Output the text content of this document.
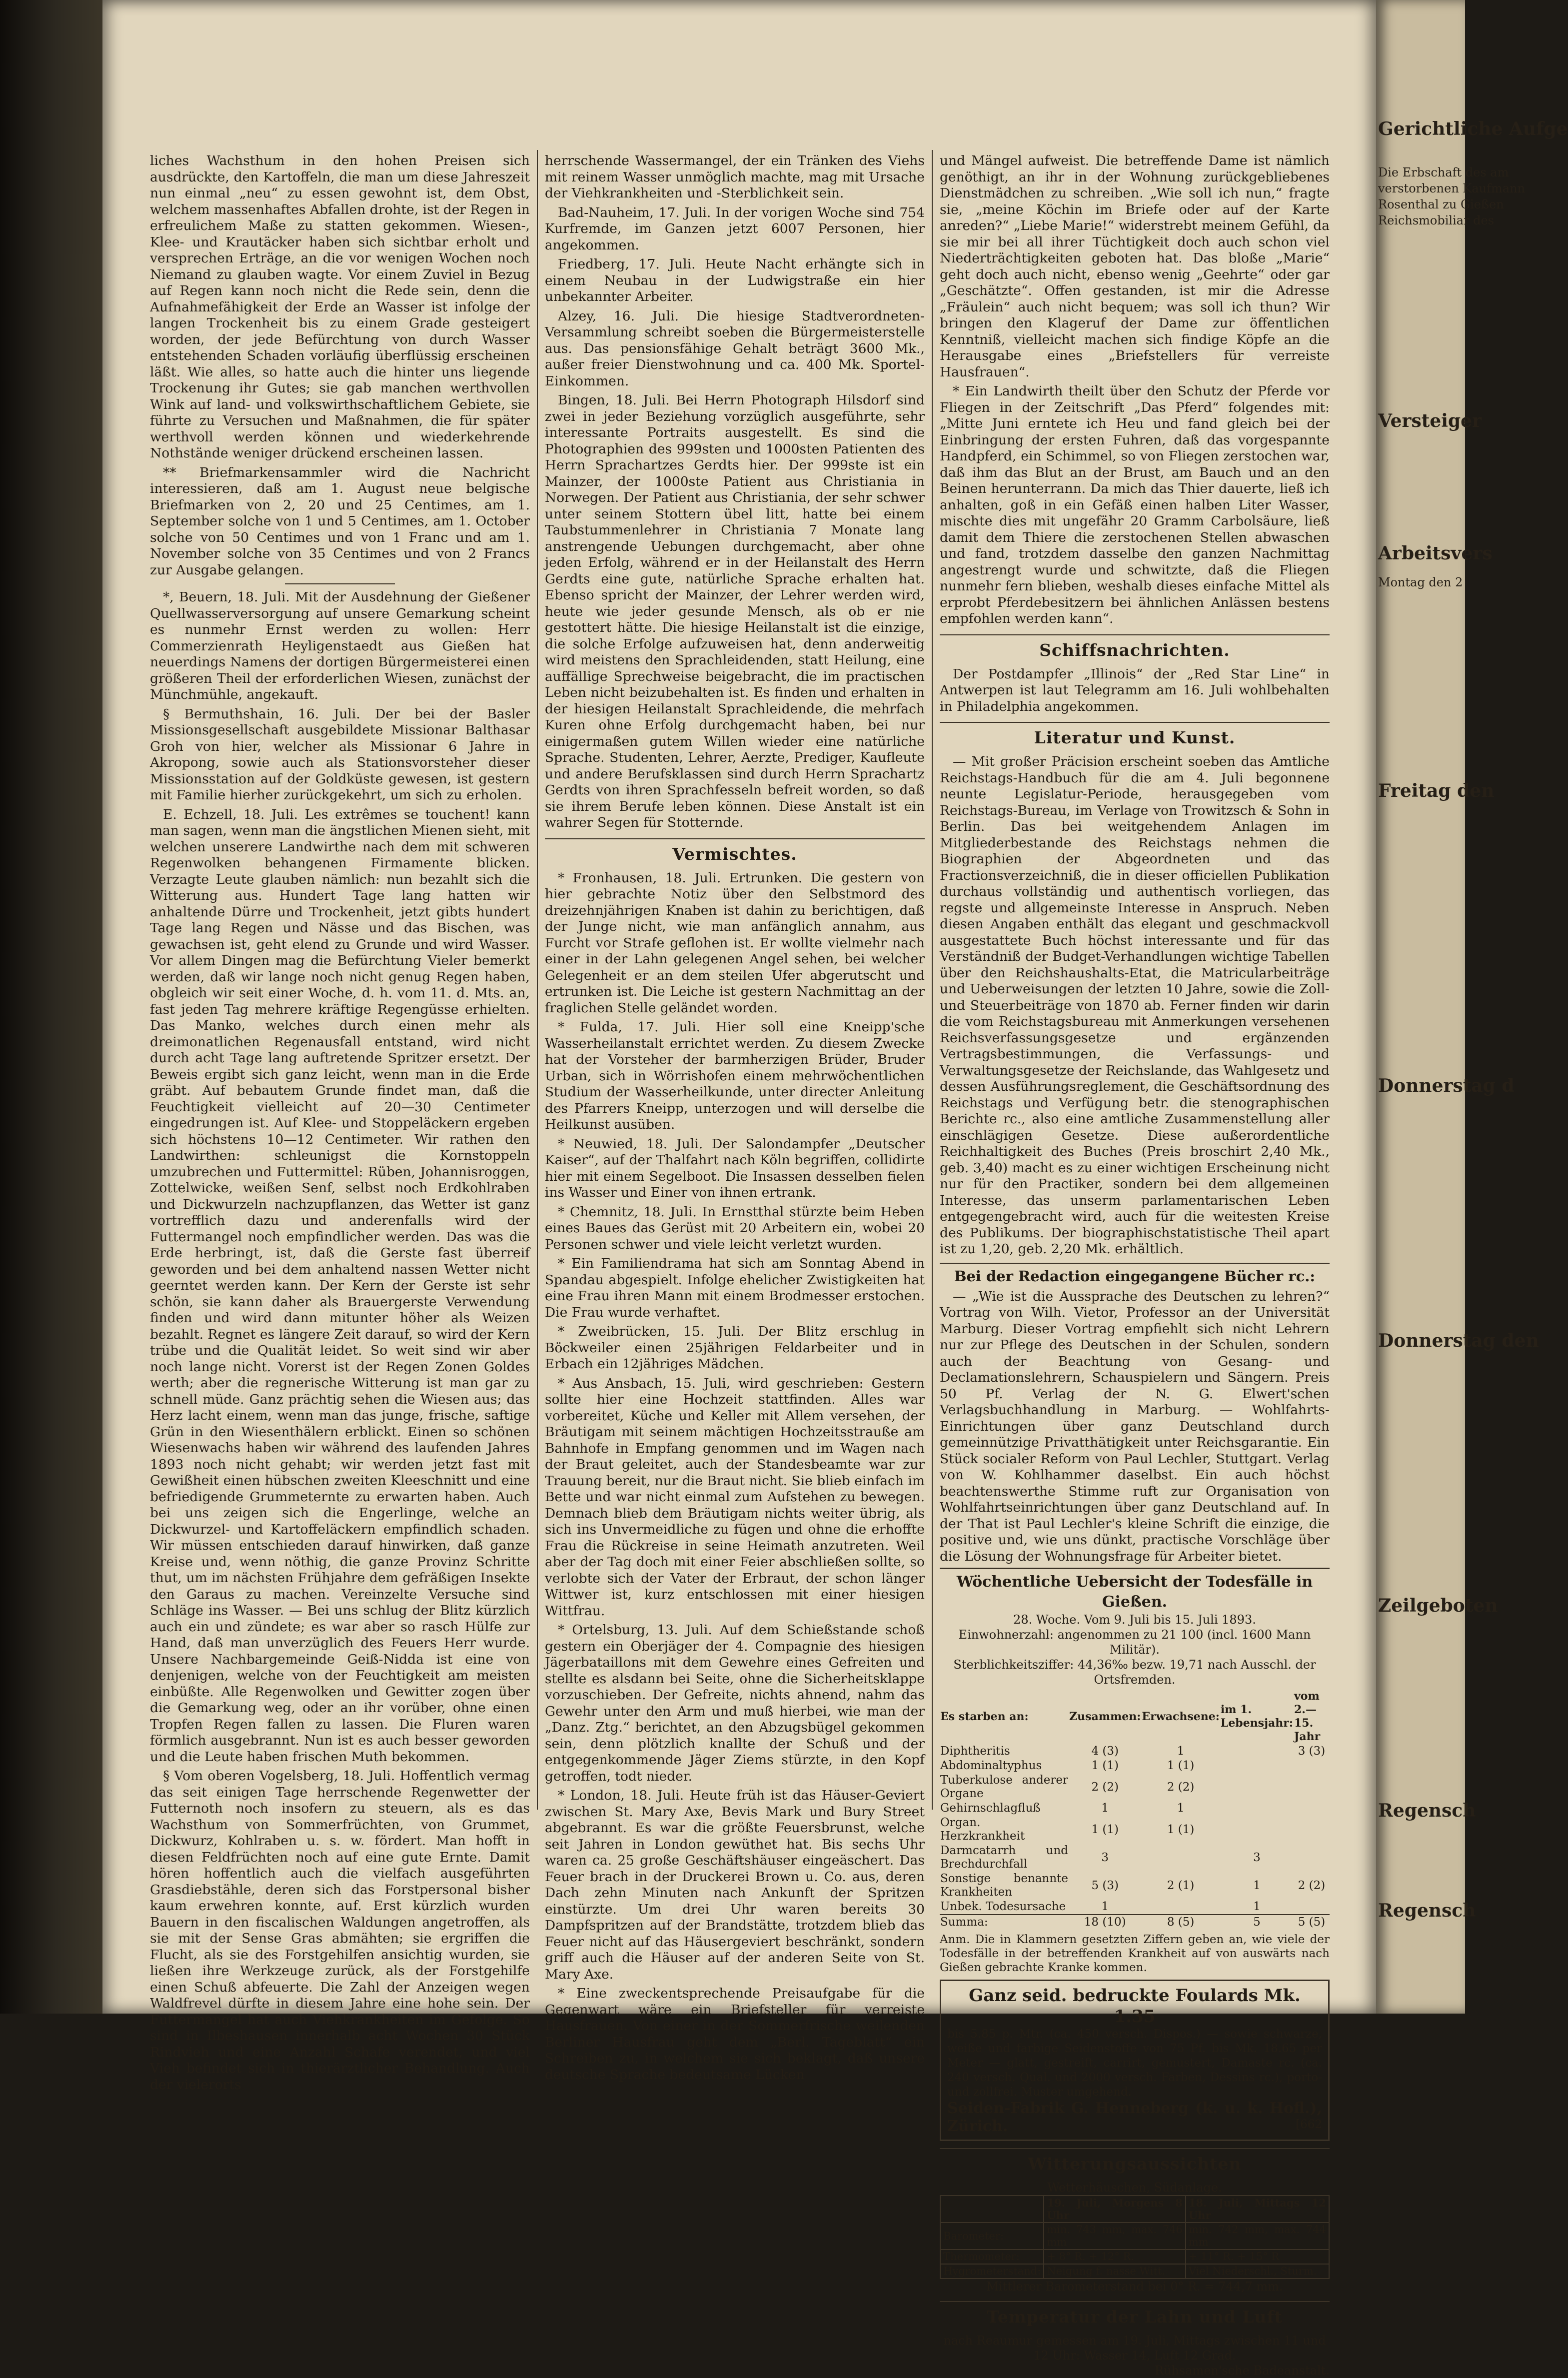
liches Wachsthum in den hohen Preisen sich ausdrückte, den Kartoffeln, die man um diese Jahreszeit nun einmal „neu“ zu essen gewohnt ist, dem Obst, welchem massenhaftes Abfallen drohte, ist der Regen in erfreulichem Maße zu statten gekommen. Wiesen-, Klee- und Krautäcker haben sich sichtbar erholt und versprechen Erträge, an die vor wenigen Wochen noch Niemand zu glauben wagte. Vor einem Zuviel in Bezug auf Regen kann noch nicht die Rede sein, denn die Aufnahmefähigkeit der Erde an Wasser ist infolge der langen Trockenheit bis zu einem Grade gesteigert worden, der jede Befürchtung von durch Wasser entstehenden Schaden vorläufig überflüssig erscheinen läßt. Wie alles, so hatte auch die hinter uns liegende Trockenung ihr Gutes; sie gab manchen werthvollen Wink auf land- und volkswirthschaftlichem Gebiete, sie führte zu Versuchen und Maßnahmen, die für später werthvoll werden können und wiederkehrende Nothstände weniger drückend erscheinen lassen.

** Briefmarkensammler wird die Nachricht interessieren, daß am 1. August neue belgische Briefmarken von 2, 20 und 25 Centimes, am 1. September solche von 1 und 5 Centimes, am 1. October solche von 50 Centimes und von 1 Franc und am 1. November solche von 35 Centimes und von 2 Francs zur Ausgabe gelangen.

*, Beuern, 18. Juli. Mit der Ausdehnung der Gießener Quellwasserversorgung auf unsere Gemarkung scheint es nunmehr Ernst werden zu wollen: Herr Commerzienrath Heyligenstaedt aus Gießen hat neuerdings Namens der dortigen Bürgermeisterei einen größeren Theil der erforderlichen Wiesen, zunächst der Münchmühle, angekauft.

§ Bermuthshain, 16. Juli. Der bei der Basler Missionsgesellschaft ausgebildete Missionar Balthasar Groh von hier, welcher als Missionar 6 Jahre in Akropong, sowie auch als Stationsvorsteher dieser Missionsstation auf der Goldküste gewesen, ist gestern mit Familie hierher zurückgekehrt, um sich zu erholen.

E. Echzell, 18. Juli. Les extrêmes se touchent! kann man sagen, wenn man die ängstlichen Mienen sieht, mit welchen unserere Landwirthe nach dem mit schweren Regenwolken behangenen Firmamente blicken. Verzagte Leute glauben nämlich: nun bezahlt sich die Witterung aus. Hundert Tage lang hatten wir anhaltende Dürre und Trockenheit, jetzt gibts hundert Tage lang Regen und Nässe und das Bischen, was gewachsen ist, geht elend zu Grunde und wird Wasser. Vor allem Dingen mag die Befürchtung Vieler bemerkt werden, daß wir lange noch nicht genug Regen haben, obgleich wir seit einer Woche, d. h. vom 11. d. Mts. an, fast jeden Tag mehrere kräftige Regengüsse erhielten. Das Manko, welches durch einen mehr als dreimonatlichen Regenausfall entstand, wird nicht durch acht Tage lang auftretende Spritzer ersetzt. Der Beweis ergibt sich ganz leicht, wenn man in die Erde gräbt. Auf bebautem Grunde findet man, daß die Feuchtigkeit vielleicht auf 20—30 Centimeter eingedrungen ist. Auf Klee- und Stoppeläckern ergeben sich höchstens 10—12 Centimeter. Wir rathen den Landwirthen: schleunigst die Kornstoppeln umzubrechen und Futtermittel: Rüben, Johannisroggen, Zottelwicke, weißen Senf, selbst noch Erdkohlraben und Dickwurzeln nachzupflanzen, das Wetter ist ganz vortrefflich dazu und anderenfalls wird der Futtermangel noch empfindlicher werden. Das was die Erde herbringt, ist, daß die Gerste fast überreif geworden und bei dem anhaltend nassen Wetter nicht geerntet werden kann. Der Kern der Gerste ist sehr schön, sie kann daher als Brauergerste Verwendung finden und wird dann mitunter höher als Weizen bezahlt. Regnet es längere Zeit darauf, so wird der Kern trübe und die Qualität leidet. So weit sind wir aber noch lange nicht. Vorerst ist der Regen Zonen Goldes werth; aber die regnerische Witterung ist man gar zu schnell müde. Ganz prächtig sehen die Wiesen aus; das Herz lacht einem, wenn man das junge, frische, saftige Grün in den Wiesenthälern erblickt. Einen so schönen Wiesenwachs haben wir während des laufenden Jahres 1893 noch nicht gehabt; wir werden jetzt fast mit Gewißheit einen hübschen zweiten Kleeschnitt und eine befriedigende Grummeternte zu erwarten haben. Auch bei uns zeigen sich die Engerlinge, welche an Dickwurzel- und Kartoffeläckern empfindlich schaden. Wir müssen entschieden darauf hinwirken, daß ganze Kreise und, wenn nöthig, die ganze Provinz Schritte thut, um im nächsten Frühjahre dem gefräßigen Insekte den Garaus zu machen. Vereinzelte Versuche sind Schläge ins Wasser. — Bei uns schlug der Blitz kürzlich auch ein und zündete; es war aber so rasch Hülfe zur Hand, daß man unverzüglich des Feuers Herr wurde. Unsere Nachbargemeinde Geiß-Nidda ist eine von denjenigen, welche von der Feuchtigkeit am meisten einbüßte. Alle Regenwolken und Gewitter zogen über die Gemarkung weg, oder an ihr vorüber, ohne einen Tropfen Regen fallen zu lassen. Die Fluren waren förmlich ausgebrannt. Nun ist es auch besser geworden und die Leute haben frischen Muth bekommen.

§ Vom oberen Vogelsberg, 18. Juli. Hoffentlich vermag das seit einigen Tage herrschende Regenwetter der Futternoth noch insofern zu steuern, als es das Wachsthum von Sommerfrüchten, von Grummet, Dickwurz, Kohlraben u. s. w. fördert. Man hofft in diesen Feldfrüchten noch auf eine gute Ernte. Damit hören hoffentlich auch die vielfach ausgeführten Grasdiebstähle, deren sich das Forstpersonal bisher kaum erwehren konnte, auf. Erst kürzlich wurden Bauern in den fiscalischen Waldungen angetroffen, als sie mit der Sense Gras abmähten; sie ergriffen die Flucht, als sie des Forstgehilfen ansichtig wurden, sie ließen ihre Werkzeuge zurück, als der Forstgehilfe einen Schuß abfeuerte. Die Zahl der Anzeigen wegen Waldfrevel dürfte in diesem Jahre eine hohe sein. Der Futtermangel hat auch Viehkrankheiten im Gefolge. So sind in Ilbeshausen innerhalb acht Wochen 30 Stück Rindvieh und eine Anzahl Schafe verendet, und viel Vieh befindet sich in thierärztlicher Behandlung. Auch der vielerorts

herrschende Wassermangel, der ein Tränken des Viehs mit reinem Wasser unmöglich machte, mag mit Ursache der Viehkrankheiten und -Sterblichkeit sein.

Bad-Nauheim, 17. Juli. In der vorigen Woche sind 754 Kurfremde, im Ganzen jetzt 6007 Personen, hier angekommen.

Friedberg, 17. Juli. Heute Nacht erhängte sich in einem Neubau in der Ludwigstraße ein hier unbekannter Arbeiter.

Alzey, 16. Juli. Die hiesige Stadtverordneten-Versammlung schreibt soeben die Bürgermeisterstelle aus. Das pensionsfähige Gehalt beträgt 3600 Mk., außer freier Dienstwohnung und ca. 400 Mk. Sportel-Einkommen.

Bingen, 18. Juli. Bei Herrn Photograph Hilsdorf sind zwei in jeder Beziehung vorzüglich ausgeführte, sehr interessante Portraits ausgestellt. Es sind die Photographien des 999sten und 1000sten Patienten des Herrn Sprachartzes Gerdts hier. Der 999ste ist ein Mainzer, der 1000ste Patient aus Christiania in Norwegen. Der Patient aus Christiania, der sehr schwer unter seinem Stottern übel litt, hatte bei einem Taubstummenlehrer in Christiania 7 Monate lang anstrengende Uebungen durchgemacht, aber ohne jeden Erfolg, während er in der Heilanstalt des Herrn Gerdts eine gute, natürliche Sprache erhalten hat. Ebenso spricht der Mainzer, der Lehrer werden wird, heute wie jeder gesunde Mensch, als ob er nie gestottert hätte. Die hiesige Heilanstalt ist die einzige, die solche Erfolge aufzuweisen hat, denn anderweitig wird meistens den Sprachleidenden, statt Heilung, eine auffällige Sprechweise beigebracht, die im practischen Leben nicht beizubehalten ist. Es finden und erhalten in der hiesigen Heilanstalt Sprachleidende, die mehrfach Kuren ohne Erfolg durchgemacht haben, bei nur einigermaßen gutem Willen wieder eine natürliche Sprache. Studenten, Lehrer, Aerzte, Prediger, Kaufleute und andere Berufsklassen sind durch Herrn Sprachartz Gerdts von ihren Sprachfesseln befreit worden, so daß sie ihrem Berufe leben können. Diese Anstalt ist ein wahrer Segen für Stotternde.

Vermischtes.

* Fronhausen, 18. Juli. Ertrunken. Die gestern von hier gebrachte Notiz über den Selbstmord des dreizehnjährigen Knaben ist dahin zu berichtigen, daß der Junge nicht, wie man anfänglich annahm, aus Furcht vor Strafe geflohen ist. Er wollte vielmehr nach einer in der Lahn gelegenen Angel sehen, bei welcher Gelegenheit er an dem steilen Ufer abgerutscht und ertrunken ist. Die Leiche ist gestern Nachmittag an der fraglichen Stelle geländet worden.

* Fulda, 17. Juli. Hier soll eine Kneipp'sche Wasserheilanstalt errichtet werden. Zu diesem Zwecke hat der Vorsteher der barmherzigen Brüder, Bruder Urban, sich in Wörrishofen einem mehrwöchentlichen Studium der Wasserheilkunde, unter directer Anleitung des Pfarrers Kneipp, unterzogen und will derselbe die Heilkunst ausüben.

* Neuwied, 18. Juli. Der Salondampfer „Deutscher Kaiser“, auf der Thalfahrt nach Köln begriffen, collidirte hier mit einem Segelboot. Die Insassen desselben fielen ins Wasser und Einer von ihnen ertrank.

* Chemnitz, 18. Juli. In Ernstthal stürzte beim Heben eines Baues das Gerüst mit 20 Arbeitern ein, wobei 20 Personen schwer und viele leicht verletzt wurden.

* Ein Familiendrama hat sich am Sonntag Abend in Spandau abgespielt. Infolge ehelicher Zwistigkeiten hat eine Frau ihren Mann mit einem Brodmesser erstochen. Die Frau wurde verhaftet.

* Zweibrücken, 15. Juli. Der Blitz erschlug in Böckweiler einen 25jährigen Feldarbeiter und in Erbach ein 12jähriges Mädchen.

* Aus Ansbach, 15. Juli, wird geschrieben: Gestern sollte hier eine Hochzeit stattfinden. Alles war vorbereitet, Küche und Keller mit Allem versehen, der Bräutigam mit seinem mächtigen Hochzeitsstrauße am Bahnhofe in Empfang genommen und im Wagen nach der Braut geleitet, auch der Standesbeamte war zur Trauung bereit, nur die Braut nicht. Sie blieb einfach im Bette und war nicht einmal zum Aufstehen zu bewegen. Demnach blieb dem Bräutigam nichts weiter übrig, als sich ins Unvermeidliche zu fügen und ohne die erhoffte Frau die Rückreise in seine Heimath anzutreten. Weil aber der Tag doch mit einer Feier abschließen sollte, so verlobte sich der Vater der Erbraut, der schon länger Wittwer ist, kurz entschlossen mit einer hiesigen Wittfrau.

* Ortelsburg, 13. Juli. Auf dem Schießstande schoß gestern ein Oberjäger der 4. Compagnie des hiesigen Jägerbataillons mit dem Gewehre eines Gefreiten und stellte es alsdann bei Seite, ohne die Sicherheitsklappe vorzuschieben. Der Gefreite, nichts ahnend, nahm das Gewehr unter den Arm und muß hierbei, wie man der „Danz. Ztg.“ berichtet, an den Abzugsbügel gekommen sein, denn plötzlich knallte der Schuß und der entgegenkommende Jäger Ziems stürzte, in den Kopf getroffen, todt nieder.

* London, 18. Juli. Heute früh ist das Häuser-Geviert zwischen St. Mary Axe, Bevis Mark und Bury Street abgebrannt. Es war die größte Feuersbrunst, welche seit Jahren in London gewüthet hat. Bis sechs Uhr waren ca. 25 große Geschäftshäuser eingeäschert. Das Feuer brach in der Druckerei Brown u. Co. aus, deren Dach zehn Minuten nach Ankunft der Spritzen einstürzte. Um drei Uhr waren bereits 30 Dampfspritzen auf der Brandstätte, trotzdem blieb das Feuer nicht auf das Häusergeviert beschränkt, sondern griff auch die Häuser auf der anderen Seite von St. Mary Axe.

* Eine zweckentsprechende Preisaufgabe für die Gegenwart wäre ein Briefsteller für verreiste Hausfrauen. Von einer in der Sommerfrische weilenden Berliner Hausfrau geht dem „Berl. Tageblatt“ ein Schreiben zu, in welchem sie sich beklagt, daß unsere deutsche Sprache bedeutsame Lücken

und Mängel aufweist. Die betreffende Dame ist nämlich genöthigt, an ihr in der Wohnung zurückgebliebenes Dienstmädchen zu schreiben. „Wie soll ich nun,“ fragte sie, „meine Köchin im Briefe oder auf der Karte anreden?“ „Liebe Marie!“ widerstrebt meinem Gefühl, da sie mir bei all ihrer Tüchtigkeit doch auch schon viel Niederträchtigkeiten geboten hat. Das bloße „Marie“ geht doch auch nicht, ebenso wenig „Geehrte“ oder gar „Geschätzte“. Offen gestanden, ist mir die Adresse „Fräulein“ auch nicht bequem; was soll ich thun? Wir bringen den Klageruf der Dame zur öffentlichen Kenntniß, vielleicht machen sich findige Köpfe an die Herausgabe eines „Briefstellers für verreiste Hausfrauen“.

* Ein Landwirth theilt über den Schutz der Pferde vor Fliegen in der Zeitschrift „Das Pferd“ folgendes mit: „Mitte Juni erntete ich Heu und fand gleich bei der Einbringung der ersten Fuhren, daß das vorgespannte Handpferd, ein Schimmel, so von Fliegen zerstochen war, daß ihm das Blut an der Brust, am Bauch und an den Beinen herunterrann. Da mich das Thier dauerte, ließ ich anhalten, goß in ein Gefäß einen halben Liter Wasser, mischte dies mit ungefähr 20 Gramm Carbolsäure, ließ damit dem Thiere die zerstochenen Stellen abwaschen und fand, trotzdem dasselbe den ganzen Nachmittag angestrengt wurde und schwitzte, daß die Fliegen nunmehr fern blieben, weshalb dieses einfache Mittel als erprobt Pferdebesitzern bei ähnlichen Anlässen bestens empfohlen werden kann“.

Schiffsnachrichten.

Der Postdampfer „Illinois“ der „Red Star Line“ in Antwerpen ist laut Telegramm am 16. Juli wohlbehalten in Philadelphia angekommen.

Literatur und Kunst.

— Mit großer Präcision erscheint soeben das Amtliche Reichstags-Handbuch für die am 4. Juli begonnene neunte Legislatur-Periode, herausgegeben vom Reichstags-Bureau, im Verlage von Trowitzsch & Sohn in Berlin. Das bei weitgehendem Anlagen im Mitgliederbestande des Reichstags nehmen die Biographien der Abgeordneten und das Fractionsverzeichniß, die in dieser officiellen Publikation durchaus vollständig und authentisch vorliegen, das regste und allgemeinste Interesse in Anspruch. Neben diesen Angaben enthält das elegant und geschmackvoll ausgestattete Buch höchst interessante und für das Verständniß der Budget-Verhandlungen wichtige Tabellen über den Reichshaushalts-Etat, die Matricularbeiträge und Ueberweisungen der letzten 10 Jahre, sowie die Zoll- und Steuerbeiträge von 1870 ab. Ferner finden wir darin die vom Reichstagsbureau mit Anmerkungen versehenen Reichsverfassungsgesetze und ergänzenden Vertragsbestimmungen, die Verfassungs- und Verwaltungsgesetze der Reichslande, das Wahlgesetz und dessen Ausführungsreglement, die Geschäftsordnung des Reichstags und Verfügung betr. die stenographischen Berichte rc., also eine amtliche Zusammenstellung aller einschlägigen Gesetze. Diese außerordentliche Reichhaltigkeit des Buches (Preis broschirt 2,40 Mk., geb. 3,40) macht es zu einer wichtigen Erscheinung nicht nur für den Practiker, sondern bei dem allgemeinen Interesse, das unserm parlamentarischen Leben entgegengebracht wird, auch für die weitesten Kreise des Publikums. Der biographischstatistische Theil apart ist zu 1,20, geb. 2,20 Mk. erhältlich.

Bei der Redaction eingegangene Bücher rc.:

— „Wie ist die Aussprache des Deutschen zu lehren?“ Vortrag von Wilh. Vietor, Professor an der Universität Marburg. Dieser Vortrag empfiehlt sich nicht Lehrern nur zur Pflege des Deutschen in der Schulen, sondern auch der Beachtung von Gesang- und Declamationslehrern, Schauspielern und Sängern. Preis 50 Pf. Verlag der N. G. Elwert'schen Verlagsbuchhandlung in Marburg. — Wohlfahrts-Einrichtungen über ganz Deutschland durch gemeinnützige Privatthätigkeit unter Reichsgarantie. Ein Stück socialer Reform von Paul Lechler, Stuttgart. Verlag von W. Kohlhammer daselbst. Ein auch höchst beachtenswerthe Stimme ruft zur Organisation von Wohlfahrtseinrichtungen über ganz Deutschland auf. In der That ist Paul Lechler's kleine Schrift die einzige, die positive und, wie uns dünkt, practische Vorschläge über die Lösung der Wohnungsfrage für Arbeiter bietet.

Wöchentliche Uebersicht der Todesfälle in Gießen.
28. Woche. Vom 9. Juli bis 15. Juli 1893.
Einwohnerzahl: angenommen zu 21 100 (incl. 1600 Mann Militär).
Sterblichkeitsziffer: 44,36‰ bezw. 19,71 nach Ausschl. der Ortsfremden.
Es starben an:	Zusammen:	Erwachsene:	im 1. Lebensjahr:	vom 2.—15. Jahr
Diphtheritis	4 (3)	1		3 (3)
Abdominaltyphus	1 (1)	1 (1)		
Tuberkulose anderer Organe	2 (2)	2 (2)		
Gehirnschlagfluß	1	1		
Organ. Herzkrankheit	1 (1)	1 (1)		
Darmcatarrh und Brechdurchfall	3		3	
Sonstige benannte Krankheiten	5 (3)	2 (1)	1	2 (2)
Unbek. Todesursache	1		1	
Summa:	18 (10)	8 (5)	5	5 (5)
Anm. Die in Klammern gesetzten Ziffern geben an, wie viele der Todesfälle in der betreffenden Krankheit auf von auswärts nach Gießen gebrachte Kranke kommen.
Ganz seid. bedruckte Foulards Mk. 1.35
bis 5.85 p. Mtr. (ca. 450 versch. Dispos.) — sowie schwarze, weiße und farbige Seidenstoffe von 75 Pf. bis Mk. 18.65 per Meter — glatt, gestreift, carrirt, gemustert, Damaste rc. (ca. 240 versch. Qual. und 2000 versch. Farben, Dessins rc.), porto- und zollfrei. Muster umgehend.
Seiden-Fabrik G. Henneberg (k. u. k. Hofl.), Zürich.	[662
Witterungsaussichten
Wetterhäuschen, Südanlage.
	19. Juli, Morgens 8 Uhr	18. Juli, Mittags 12 Uhr
Barometer:	min. 743 mm, max. 746 mm	min. 742 mm, max. 744 mm
Thermometer:	+ 8° R. + 12° R.	+ 11° R. + 15° R
Hygrometerstand:	Neigung f. nasse Witt.	Viel Niederschl., Sturm.
Mittlerer Barometerstand bei 0° R. = 744,7 mm.
Temperatur der Lahn und Luft
nach Reaumur gemessen am 19. Juli, Mittags zwischen 11 und 12 Uhr: Wasser 14, Luft 12 Grad.
Rühsamen'sche Badeanstalt.
Gerichtliche Aufge
Die Erbschaft des am
verstorbenen Kaufmann
Rosenthal zu Gießen
Reichsmobiliar des
Versteiger
Arbeitsvers
Montag den 2
Freitag den
Donnerstag d
Donnerstag den
Zeilgeboten
Regensch
Regensch
